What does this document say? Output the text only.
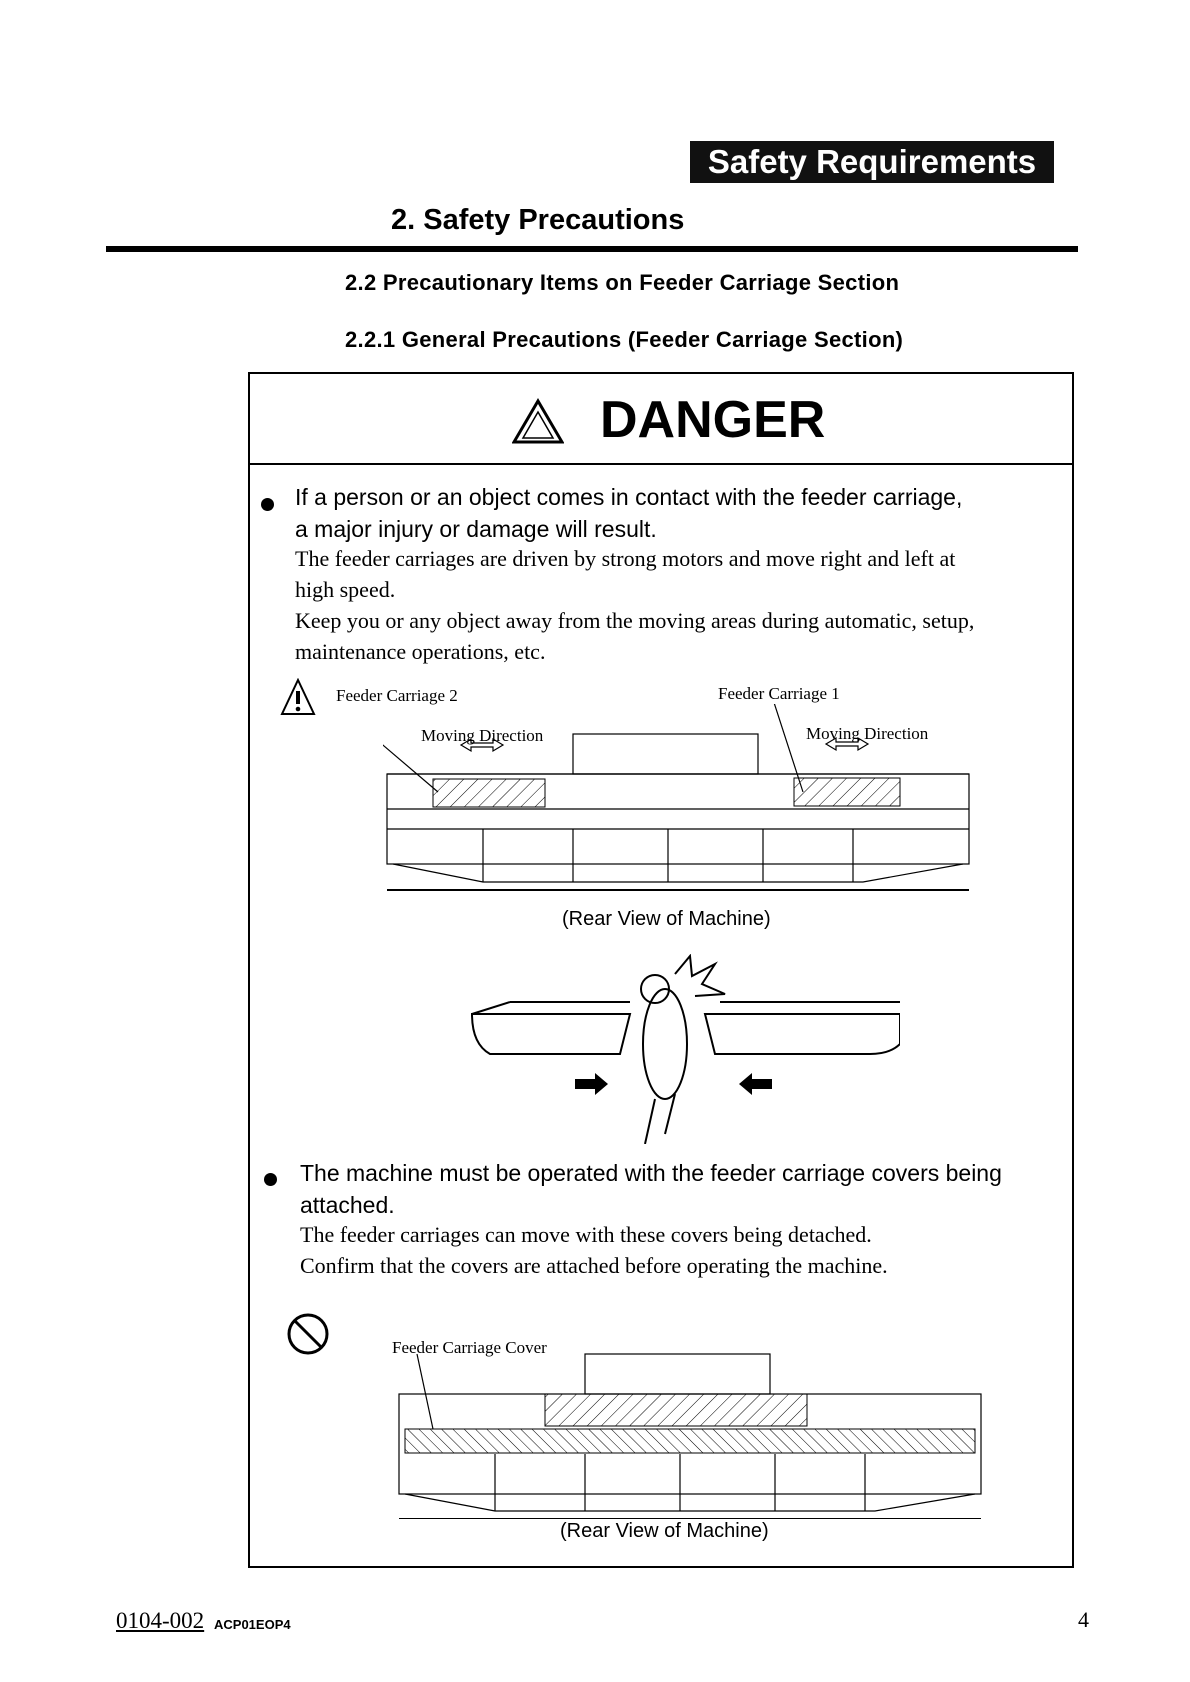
Safety Requirements
2. Safety Precautions
2.2 Precautionary Items on Feeder Carriage Section
2.2.1 General Precautions (Feeder Carriage Section)
DANGER
If a person or an object comes in contact with the feeder carriage,
a major injury or damage will result.
The feeder carriages are driven by strong motors and move right and left at
high speed.
Keep you or any object away from the moving areas during automatic, setup,
maintenance operations, etc.
Feeder Carriage 2	Feeder Carriage 1
Moving Direction	Moving Direction
(Rear View of Machine)
The machine must be operated with the feeder carriage covers being
attached.
The feeder carriages can move with these covers being detached.
Confirm that the covers are attached before operating the machine.
Feeder Carriage Cover
(Rear View of Machine)
0104-002 ACP01EOP4	4
